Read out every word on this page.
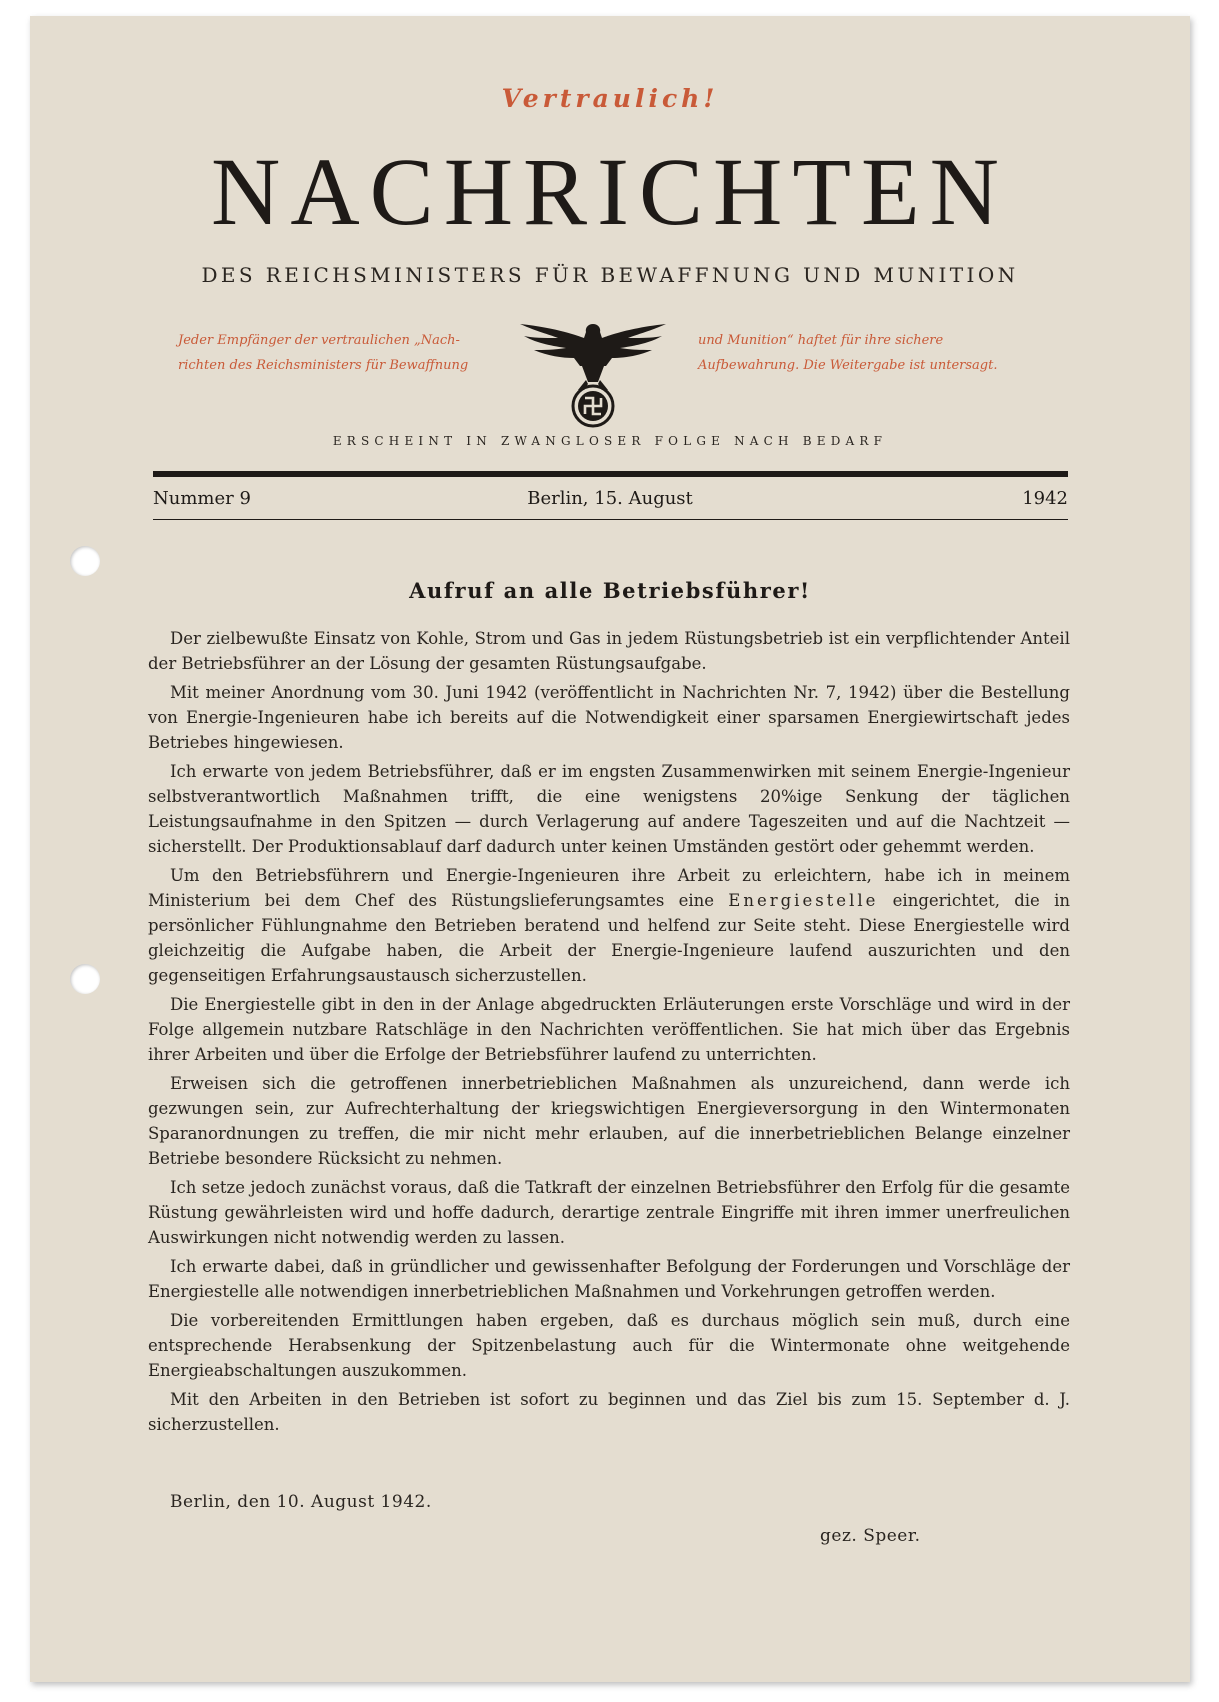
Vertraulich!
NACHRICHTEN
DES REICHSMINISTERS FÜR BEWAFFNUNG UND MUNITION
Jeder Empfänger der vertraulichen „Nach-
richten des Reichsministers für Bewaffnung
und Munition“ haftet für ihre sichere
Aufbewahrung. Die Weitergabe ist untersagt.
ERSCHEINT IN ZWANGLOSER FOLGE NACH BEDARF
Nummer 9	Berlin, 15. August	1942
Aufruf an alle Betriebsführer!

Der zielbewußte Einsatz von Kohle, Strom und Gas in jedem Rüstungsbetrieb ist ein verpflichtender Anteil der Betriebsführer an der Lösung der gesamten Rüstungsaufgabe.

Mit meiner Anordnung vom 30. Juni 1942 (veröffentlicht in Nachrichten Nr. 7, 1942) über die Bestellung von Energie-Ingenieuren habe ich bereits auf die Notwendigkeit einer sparsamen Energiewirtschaft jedes Betriebes hingewiesen.

Ich erwarte von jedem Betriebsführer, daß er im engsten Zusammenwirken mit seinem Energie-Ingenieur selbstverantwortlich Maßnahmen trifft, die eine wenigstens 20%ige Senkung der täglichen Leistungsaufnahme in den Spitzen — durch Verlagerung auf andere Tageszeiten und auf die Nachtzeit — sicherstellt. Der Produktionsablauf darf dadurch unter keinen Umständen gestört oder gehemmt werden.

Um den Betriebsführern und Energie-Ingenieuren ihre Arbeit zu erleichtern, habe ich in meinem Ministerium bei dem Chef des Rüstungslieferungsamtes eine Energiestelle eingerichtet, die in persönlicher Fühlungnahme den Betrieben beratend und helfend zur Seite steht. Diese Energiestelle wird gleichzeitig die Aufgabe haben, die Arbeit der Energie-Ingenieure laufend auszurichten und den gegenseitigen Erfahrungsaustausch sicherzustellen.

Die Energiestelle gibt in den in der Anlage abgedruckten Erläuterungen erste Vorschläge und wird in der Folge allgemein nutzbare Ratschläge in den Nachrichten veröffentlichen. Sie hat mich über das Ergebnis ihrer Arbeiten und über die Erfolge der Betriebsführer laufend zu unterrichten.

Erweisen sich die getroffenen innerbetrieblichen Maßnahmen als unzureichend, dann werde ich gezwungen sein, zur Aufrechterhaltung der kriegswichtigen Energieversorgung in den Wintermonaten Sparanordnungen zu treffen, die mir nicht mehr erlauben, auf die innerbetrieblichen Belange einzelner Betriebe besondere Rücksicht zu nehmen.

Ich setze jedoch zunächst voraus, daß die Tatkraft der einzelnen Betriebsführer den Erfolg für die gesamte Rüstung gewährleisten wird und hoffe dadurch, derartige zentrale Eingriffe mit ihren immer unerfreulichen Auswirkungen nicht notwendig werden zu lassen.

Ich erwarte dabei, daß in gründlicher und gewissenhafter Befolgung der Forderungen und Vorschläge der Energiestelle alle notwendigen innerbetrieblichen Maßnahmen und Vorkehrungen getroffen werden.

Die vorbereitenden Ermittlungen haben ergeben, daß es durchaus möglich sein muß, durch eine entsprechende Herabsenkung der Spitzenbelastung auch für die Wintermonate ohne weitgehende Energieabschaltungen auszukommen.

Mit den Arbeiten in den Betrieben ist sofort zu beginnen und das Ziel bis zum 15. September d. J. sicherzustellen.

Berlin, den 10. August 1942.
gez. Speer.
